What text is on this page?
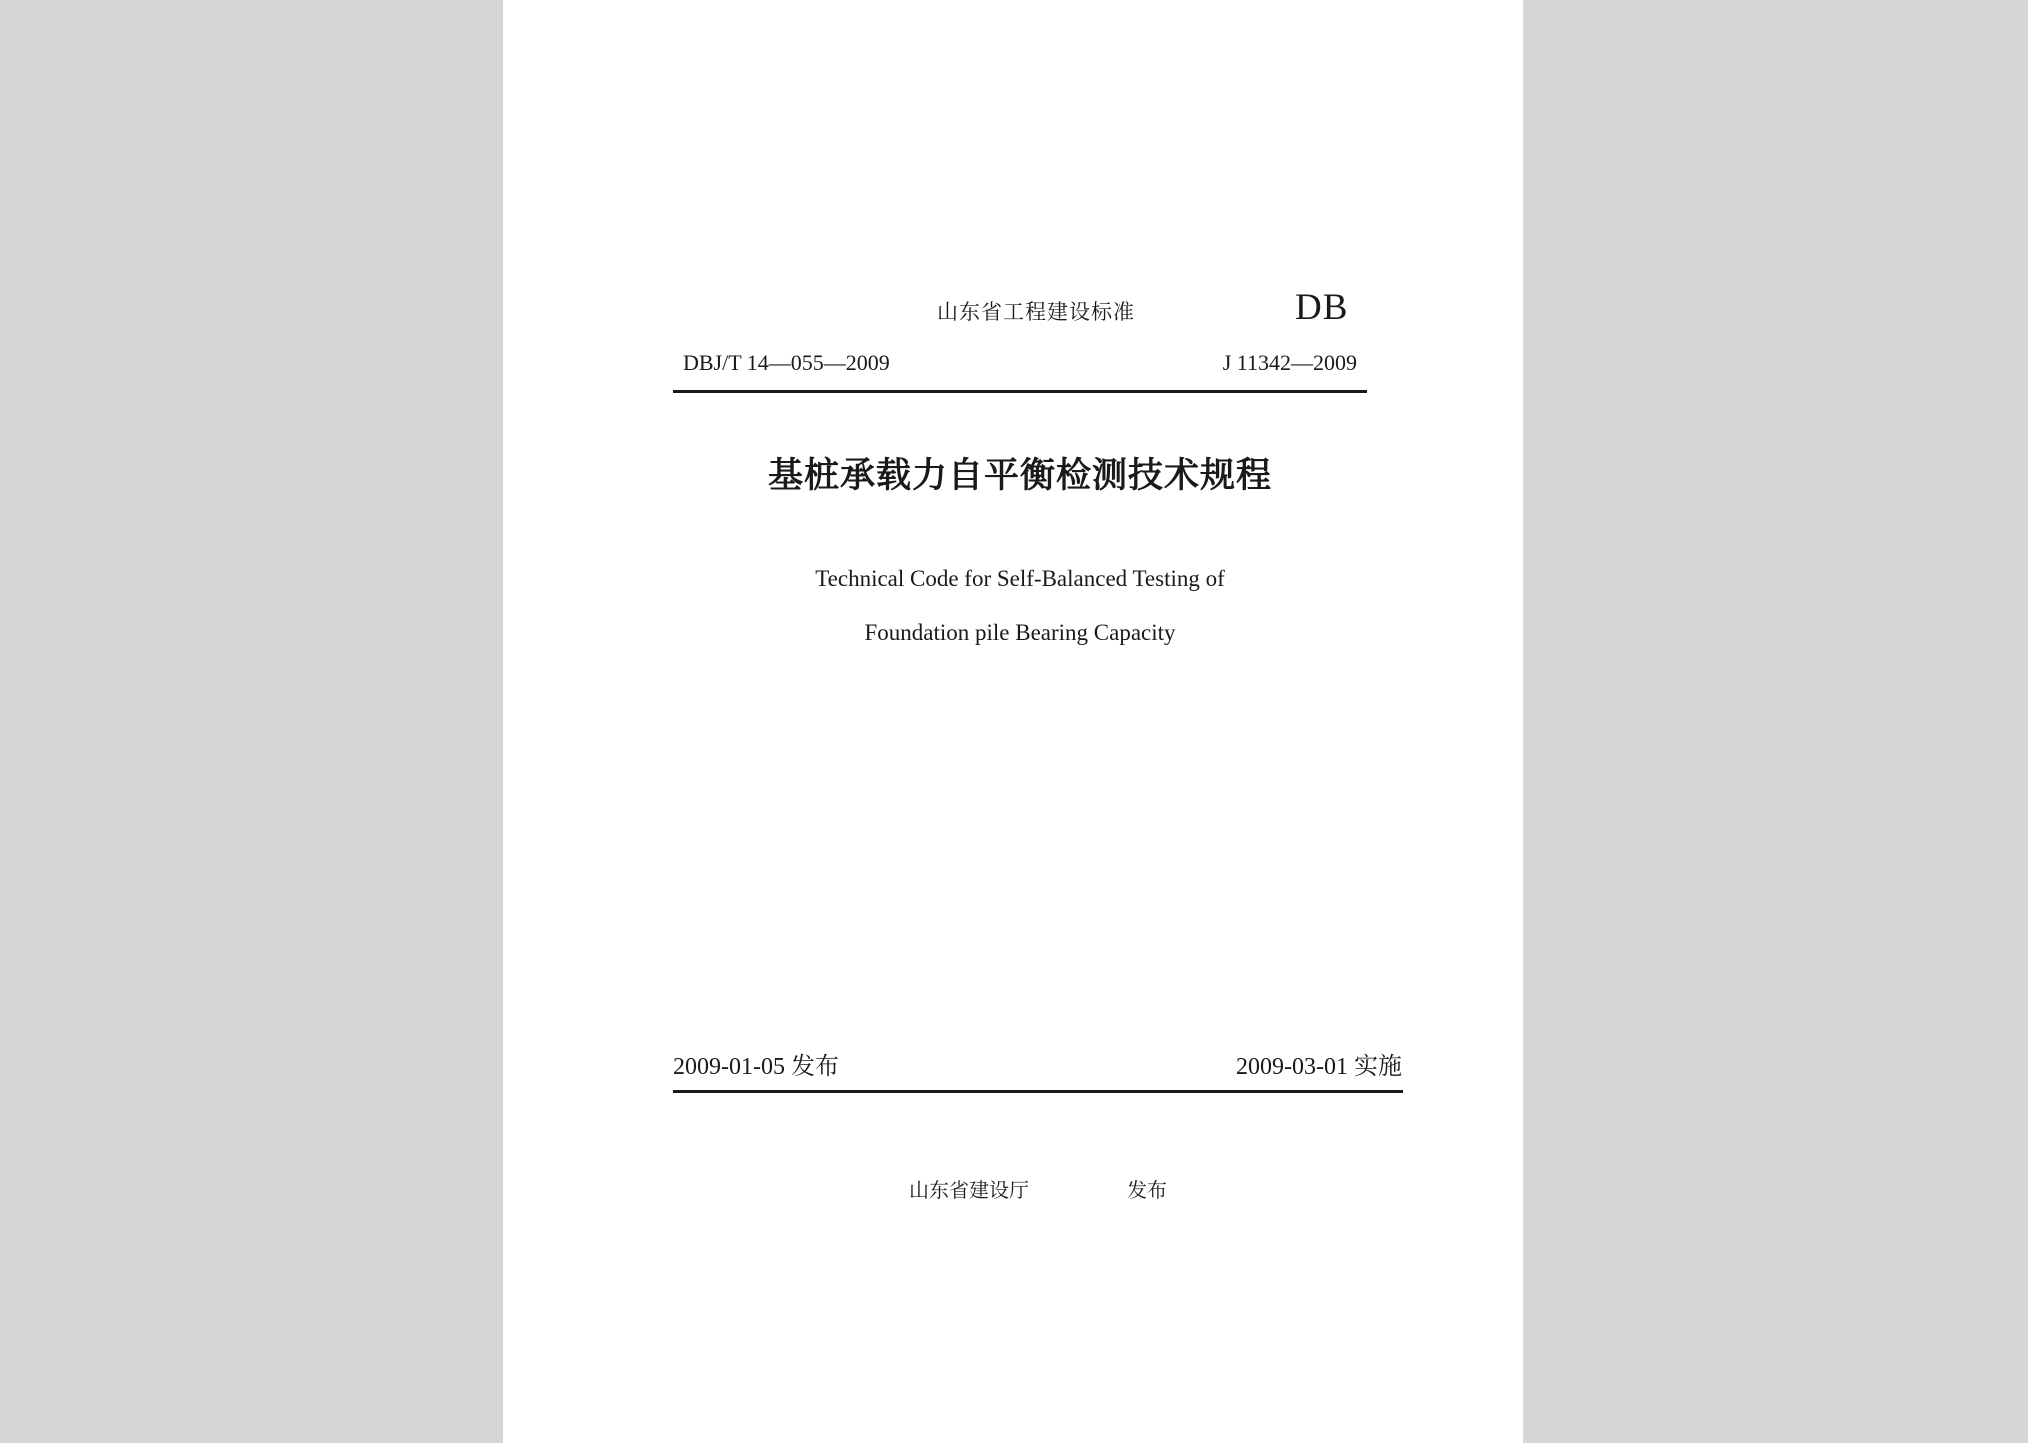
山东省工程建设标准	DB
DBJ/T 14—055—2009	J 11342—2009
基桩承载力自平衡检测技术规程
Technical Code for Self-Balanced Testing of
Foundation pile Bearing Capacity
2009-01-05 发布	2009-03-01 实施
山东省建设厅	发布
